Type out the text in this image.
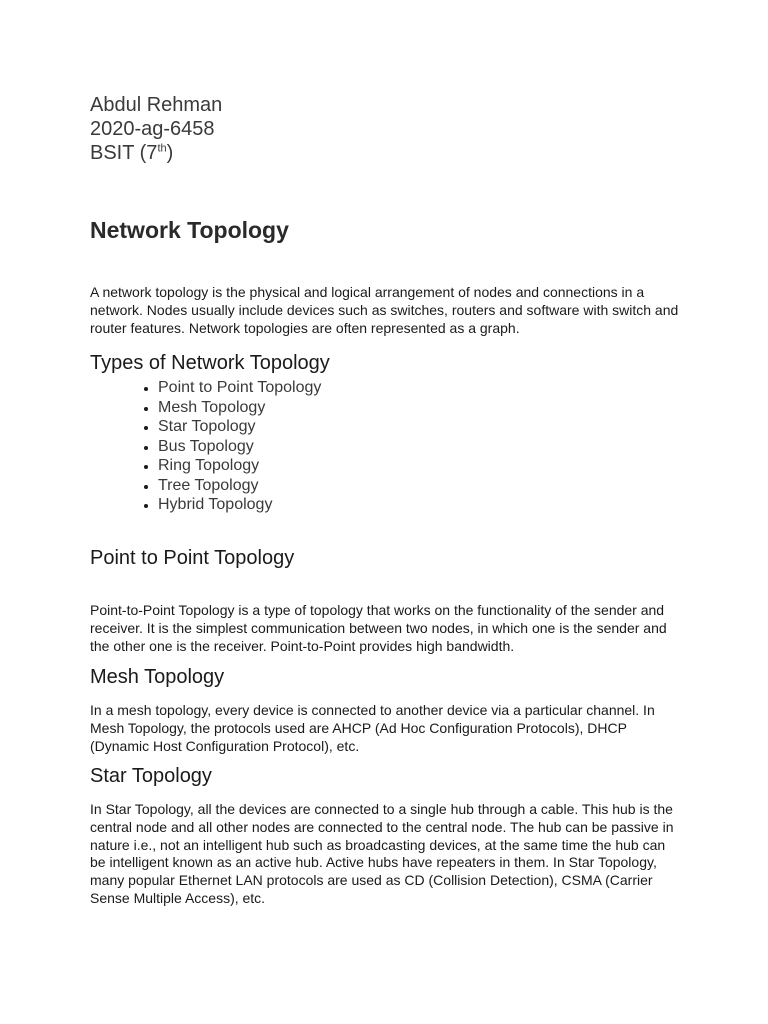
Abdul Rehman
2020-ag-6458
BSIT (7th)
Network Topology

A network topology is the physical and logical arrangement of nodes and connections in a network. Nodes usually include devices such as switches, routers and software with switch and router features. Network topologies are often represented as a graph.

Types of Network Topology
• Point to Point Topology
• Mesh Topology
• Star Topology
• Bus Topology
• Ring Topology
• Tree Topology
• Hybrid Topology
Point to Point Topology

Point-to-Point Topology is a type of topology that works on the functionality of the sender and receiver. It is the simplest communication between two nodes, in which one is the sender and the other one is the receiver. Point-to-Point provides high bandwidth.

Mesh Topology

In a mesh topology, every device is connected to another device via a particular channel. In Mesh Topology, the protocols used are AHCP (Ad Hoc Configuration Protocols), DHCP (Dynamic Host Configuration Protocol), etc.

Star Topology

In Star Topology, all the devices are connected to a single hub through a cable. This hub is the central node and all other nodes are connected to the central node. The hub can be passive in nature i.e., not an intelligent hub such as broadcasting devices, at the same time the hub can be intelligent known as an active hub. Active hubs have repeaters in them. In Star Topology, many popular Ethernet LAN protocols are used as CD (Collision Detection), CSMA (Carrier Sense Multiple Access), etc.
